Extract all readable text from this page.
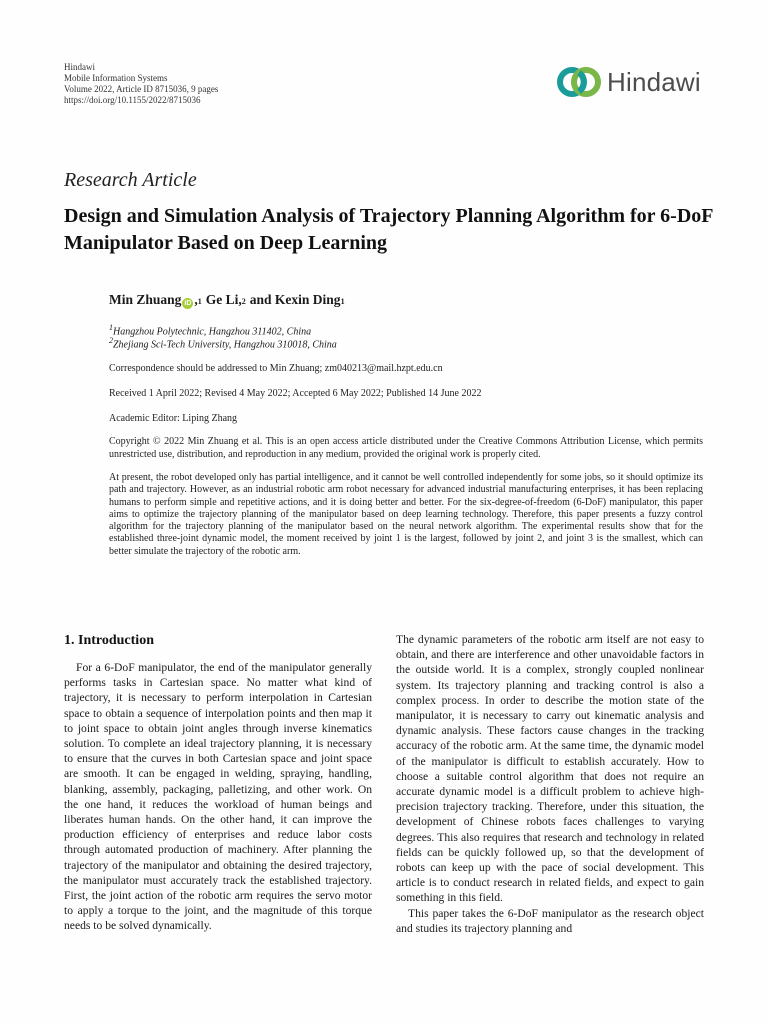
Hindawi
Mobile Information Systems
Volume 2022, Article ID 8715036, 9 pages
https://doi.org/10.1155/2022/8715036
Hindawi
Research Article
Design and Simulation Analysis of Trajectory Planning Algorithm for 6-DoF Manipulator Based on Deep Learning
Min Zhuang iD , 1 Ge Li, 2 and Kexin Ding 1
$^1$Hangzhou Polytechnic, Hangzhou 311402, China
$^2$Zhejiang Sci-Tech University, Hangzhou 310018, China
Correspondence should be addressed to Min Zhuang; zm040213@mail.hzpt.edu.cn
Received 1 April 2022; Revised 4 May 2022; Accepted 6 May 2022; Published 14 June 2022
Academic Editor: Liping Zhang
Copyright © 2022 Min Zhuang et al. This is an open access article distributed under the Creative Commons Attribution License, which permits unrestricted use, distribution, and reproduction in any medium, provided the original work is properly cited.
At present, the robot developed only has partial intelligence, and it cannot be well controlled independently for some jobs, so it should optimize its path and trajectory. However, as an industrial robotic arm robot necessary for advanced industrial manufacturing enterprises, it has been replacing humans to perform simple and repetitive actions, and it is doing better and better. For the six-degree-of-freedom (6-DoF) manipulator, this paper aims to optimize the trajectory planning of the manipulator based on deep learning technology. Therefore, this paper presents a fuzzy control algorithm for the trajectory planning of the manipulator based on the neural network algorithm. The experimental results show that for the established three-joint dynamic model, the moment received by joint 1 is the largest, followed by joint 2, and joint 3 is the smallest, which can better simulate the trajectory of the robotic arm.
1. Introduction

For a 6-DoF manipulator, the end of the manipulator generally performs tasks in Cartesian space. No matter what kind of trajectory, it is necessary to perform interpolation in Cartesian space to obtain a sequence of interpolation points and then map it to joint space to obtain joint angles through inverse kinematics solution. To complete an ideal trajectory planning, it is necessary to ensure that the curves in both Cartesian space and joint space are smooth. It can be engaged in welding, spraying, handling, blanking, assembly, packaging, palletizing, and other work. On the one hand, it reduces the workload of human beings and liberates human hands. On the other hand, it can improve the production efficiency of enterprises and reduce labor costs through automated production of machinery. After planning the trajectory of the manipulator and obtaining the desired trajectory, the manipulator must accurately track the established trajectory. First, the joint action of the robotic arm requires the servo motor to apply a torque to the joint, and the magnitude of this torque needs to be solved dynamically.

The dynamic parameters of the robotic arm itself are not easy to obtain, and there are interference and other unavoidable factors in the outside world. It is a complex, strongly coupled nonlinear system. Its trajectory planning and tracking control is also a complex process. In order to describe the motion state of the manipulator, it is necessary to carry out kinematic analysis and dynamic analysis. These factors cause changes in the tracking accuracy of the robotic arm. At the same time, the dynamic model of the manipulator is difficult to establish accurately. How to choose a suitable control algorithm that does not require an accurate dynamic model is a difficult problem to achieve high-precision trajectory tracking. Therefore, under this situation, the development of Chinese robots faces challenges to varying degrees. This also requires that research and technology in related fields can be quickly followed up, so that the development of robots can keep up with the pace of social development. This article is to conduct research in related fields, and expect to gain something in this field.

This paper takes the 6-DoF manipulator as the research object and studies its trajectory planning and
